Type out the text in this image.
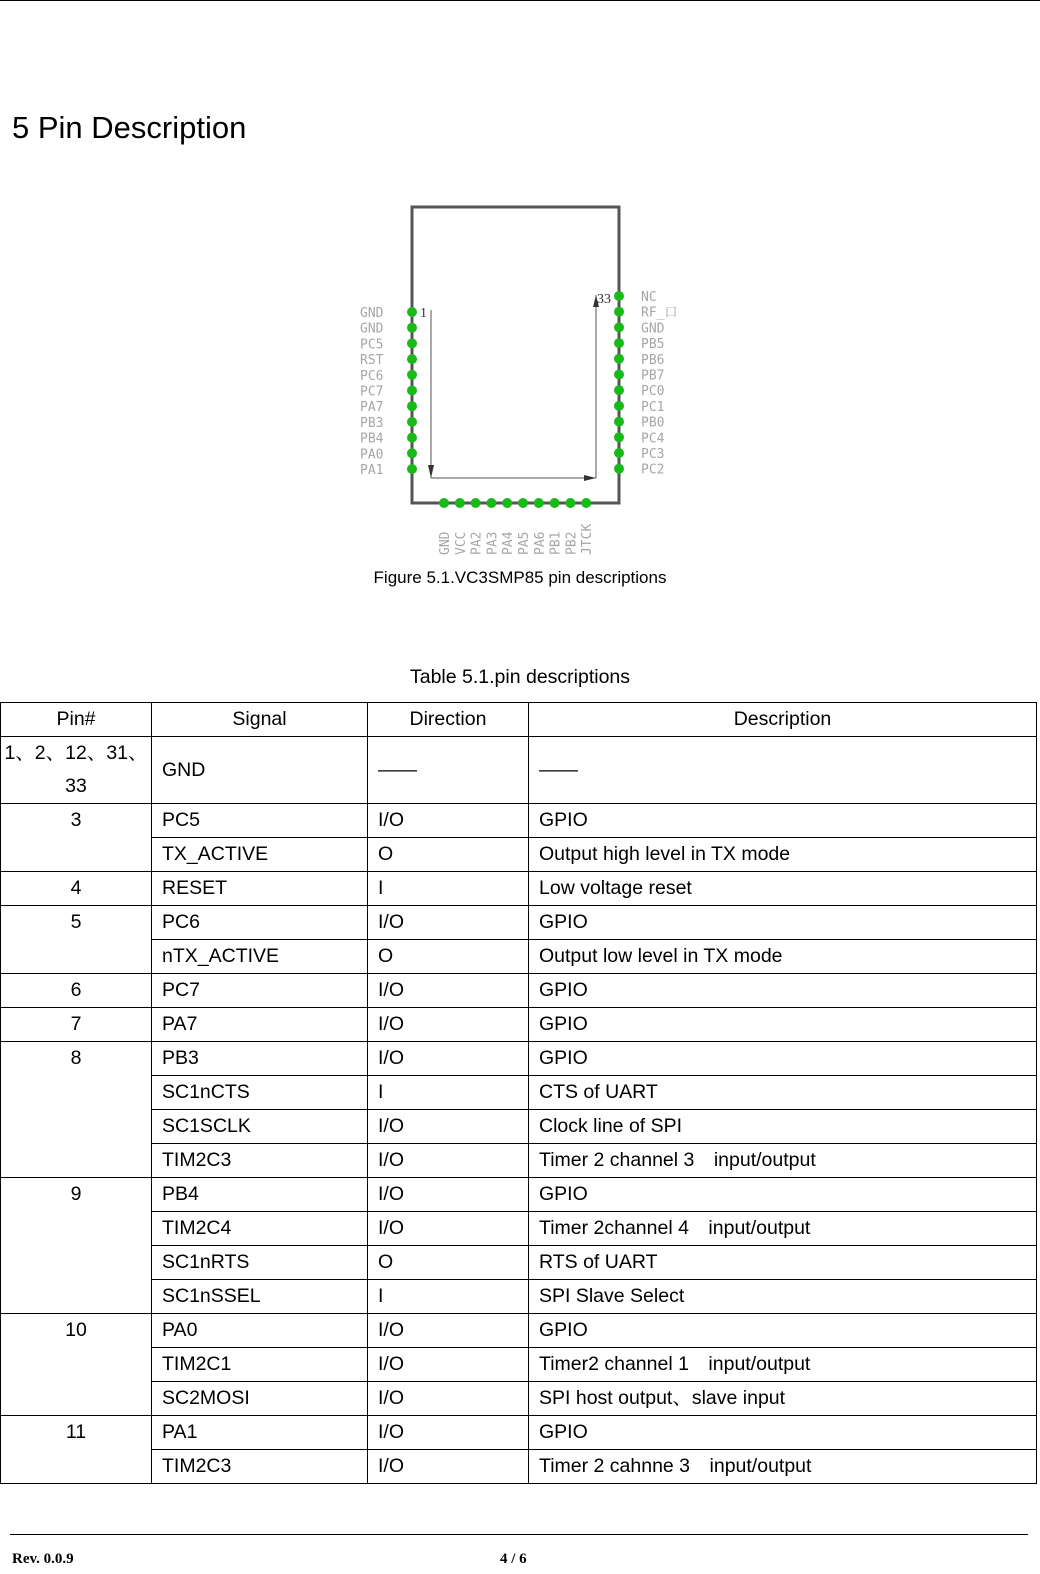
5 Pin Description
1
33
GND
GND
PC5
RST
PC6
PC7
PA7
PB3
PB4
PA0
PA1
NC
RF_口
GND
PB5
PB6
PB7
PC0
PC1
PB0
PC4
PC3
PC2
GND VCC PA2 PA3 PA4 PA5 PA6 PB1 PB2 JTCK
Figure 5.1.VC3SMP85 pin descriptions
Table 5.1.pin descriptions
Pin#	Signal	Direction	Description
1、2、12、31、33	GND	——	——
3	PC5	I/O	GPIO
	TX_ACTIVE	O	Output high level in TX mode
4	RESET	I	Low voltage reset
5	PC6	I/O	GPIO
	nTX_ACTIVE	O	Output low level in TX mode
6	PC7	I/O	GPIO
7	PA7	I/O	GPIO
8	PB3	I/O	GPIO
	SC1nCTS	I	CTS of UART
	SC1SCLK	I/O	Clock line of SPI
	TIM2C3	I/O	Timer 2 channel 3　input/output
9	PB4	I/O	GPIO
	TIM2C4	I/O	Timer 2channel 4　input/output
	SC1nRTS	O	RTS of UART
	SC1nSSEL	I	SPI Slave Select
10	PA0	I/O	GPIO
	TIM2C1	I/O	Timer2 channel 1　input/output
	SC2MOSI	I/O	SPI host output、slave input
11	PA1	I/O	GPIO
	TIM2C3	I/O	Timer 2 cahnne 3　input/output
Rev. 0.0.9	4 / 6
